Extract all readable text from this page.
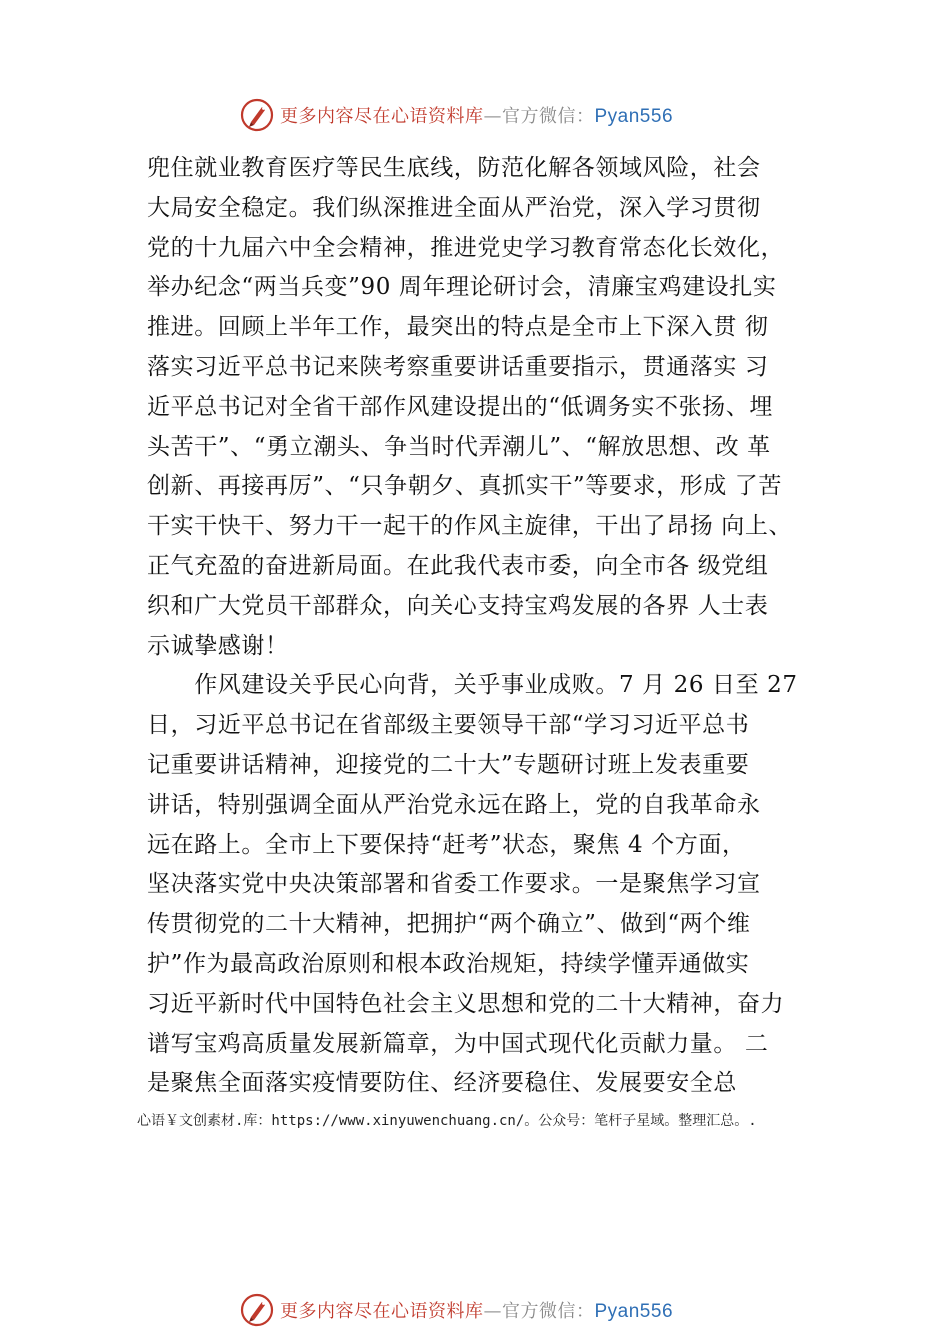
更多内容尽在心语资料库—官方微信：Pyan556
兜住就业教育医疗等民生底线，防范化解各领域风险，社会
大局安全稳定。我们纵深推进全面从严治党，深入学习贯彻
党的十九届六中全会精神，推进党史学习教育常态化长效化，
举办纪念“两当兵变”90 周年理论研讨会，清廉宝鸡建设扎实
推进。回顾上半年工作，最突出的特点是全市上下深入贯 彻
落实习近平总书记来陕考察重要讲话重要指示，贯通落实 习
近平总书记对全省干部作风建设提出的“低调务实不张扬、埋
头苦干”、“勇立潮头、争当时代弄潮儿”、“解放思想、改 革
创新、再接再厉”、“只争朝夕、真抓实干”等要求，形成 了苦
干实干快干、努力干一起干的作风主旋律，干出了昂扬 向上、
正气充盈的奋进新局面。在此我代表市委，向全市各 级党组
织和广大党员干部群众，向关心支持宝鸡发展的各界 人士表
示诚挚感谢！
　　作风建设关乎民心向背，关乎事业成败。7 月 26 日至 27
日，习近平总书记在省部级主要领导干部“学习习近平总书
记重要讲话精神，迎接党的二十大”专题研讨班上发表重要
讲话，特别强调全面从严治党永远在路上，党的自我革命永
远在路上。全市上下要保持“赶考”状态，聚焦 4 个方面，
坚决落实党中央决策部署和省委工作要求。一是聚焦学习宣
传贯彻党的二十大精神，把拥护“两个确立”、做到“两个维
护”作为最高政治原则和根本政治规矩，持续学懂弄通做实
习近平新时代中国特色社会主义思想和党的二十大精神，奋力
谱写宝鸡高质量发展新篇章，为中国式现代化贡献力量。 二
是聚焦全面落实疫情要防住、经济要稳住、发展要安全总
心语￥文创素材.库：https://www.xinyuwenchuang.cn/。公众号：笔杆子星域。整理汇总。.
更多内容尽在心语资料库—官方微信：Pyan556
